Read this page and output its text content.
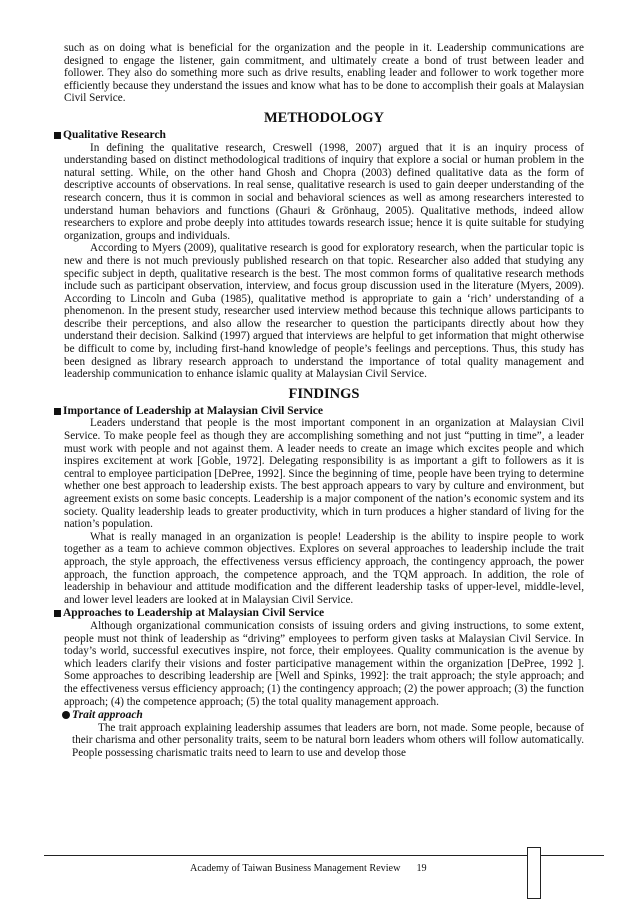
such as on doing what is beneficial for the organization and the people in it. Leadership communications are designed to engage the listener, gain commitment, and ultimately create a bond of trust between leader and follower. They also do something more such as drive results, enabling leader and follower to work together more efficiently because they understand the issues and know what has to be done to accomplish their goals at Malaysian Civil Service.

METHODOLOGY
Qualitative Research

In defining the qualitative research, Creswell (1998, 2007) argued that it is an inquiry process of understanding based on distinct methodological traditions of inquiry that explore a social or human problem in the natural setting. While, on the other hand Ghosh and Chopra (2003) defined qualitative data as the form of descriptive accounts of observations. In real sense, qualitative research is used to gain deeper understanding of the research concern, thus it is common in social and behavioral sciences as well as among researchers interested to understand human behaviors and functions (Ghauri & Grönhaug, 2005). Qualitative methods, indeed allow researchers to explore and probe deeply into attitudes towards research issue; hence it is quite suitable for studying organization, groups and individuals.

According to Myers (2009), qualitative research is good for exploratory research, when the particular topic is new and there is not much previously published research on that topic. Researcher also added that studying any specific subject in depth, qualitative research is the best. The most common forms of qualitative research methods include such as participant observation, interview, and focus group discussion used in the literature (Myers, 2009). According to Lincoln and Guba (1985), qualitative method is appropriate to gain a ‘rich’ understanding of a phenomenon. In the present study, researcher used interview method because this technique allows participants to describe their perceptions, and also allow the researcher to question the participants directly about how they understand their decision. Salkind (1997) argued that interviews are helpful to get information that might otherwise be difficult to come by, including first-hand knowledge of people’s feelings and perceptions. Thus, this study has been designed as library research approach to understand the importance of total quality management and leadership communication to enhance islamic quality at Malaysian Civil Service.

FINDINGS
Importance of Leadership at Malaysian Civil Service

Leaders understand that people is the most important component in an organization at Malaysian Civil Service. To make people feel as though they are accomplishing something and not just “putting in time”, a leader must work with people and not against them. A leader needs to create an image which excites people and which inspires excitement at work [Goble, 1972]. Delegating responsibility is as important a gift to followers as it is central to employee participation [DePree, 1992]. Since the beginning of time, people have been trying to determine whether one best approach to leadership exists. The best approach appears to vary by culture and environment, but agreement exists on some basic concepts. Leadership is a major component of the nation’s economic system and its society. Quality leadership leads to greater productivity, which in turn produces a higher standard of living for the nation’s population.

What is really managed in an organization is people! Leadership is the ability to inspire people to work together as a team to achieve common objectives. Explores on several approaches to leadership include the trait approach, the style approach, the effectiveness versus efficiency approach, the contingency approach, the power approach, the function approach, the competence approach, and the TQM approach. In addition, the role of leadership in behaviour and attitude modification and the different leadership tasks of upper-level, middle-level, and lower level leaders are looked at in Malaysian Civil Service.

Approaches to Leadership at Malaysian Civil Service

Although organizational communication consists of issuing orders and giving instructions, to some extent, people must not think of leadership as “driving” employees to perform given tasks at Malaysian Civil Service. In today’s world, successful executives inspire, not force, their employees. Quality communication is the avenue by which leaders clarify their visions and foster participative management within the organization [DePree, 1992 ]. Some approaches to describing leadership are [Well and Spinks, 1992]: the trait approach; the style approach; and the effectiveness versus efficiency approach; (1) the contingency approach; (2) the power approach; (3) the function approach; (4) the competence approach; (5) the total quality management approach.

Trait approach

The trait approach explaining leadership assumes that leaders are born, not made. Some people, because of their charisma and other personality traits, seem to be natural born leaders whom others will follow automatically. People possessing charismatic traits need to learn to use and develop those

Academy of Taiwan Business Management Review 19
